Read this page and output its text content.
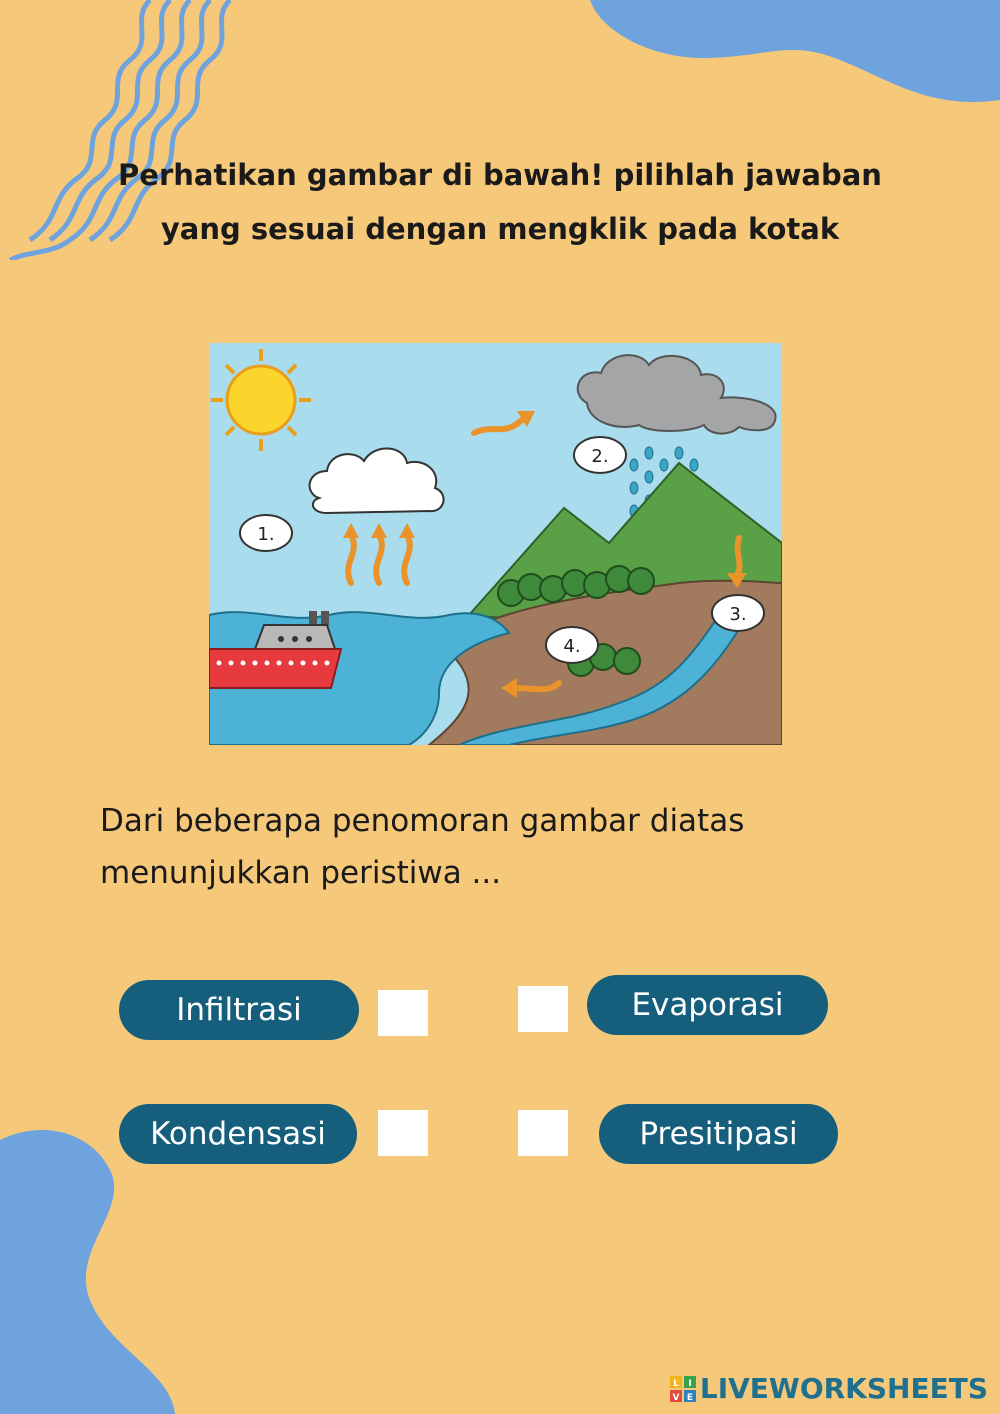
Perhatikan gambar di bawah! pilihlah jawaban yang sesuai dengan mengklik pada kotak
1.
2.
3.
4.
Dari beberapa penomoran gambar diatas
menunjukkan peristiwa ...
Infiltrasi	Evaporasi
Kondensasi	Presitipasi
L I
V E LIVEWORKSHEETS
